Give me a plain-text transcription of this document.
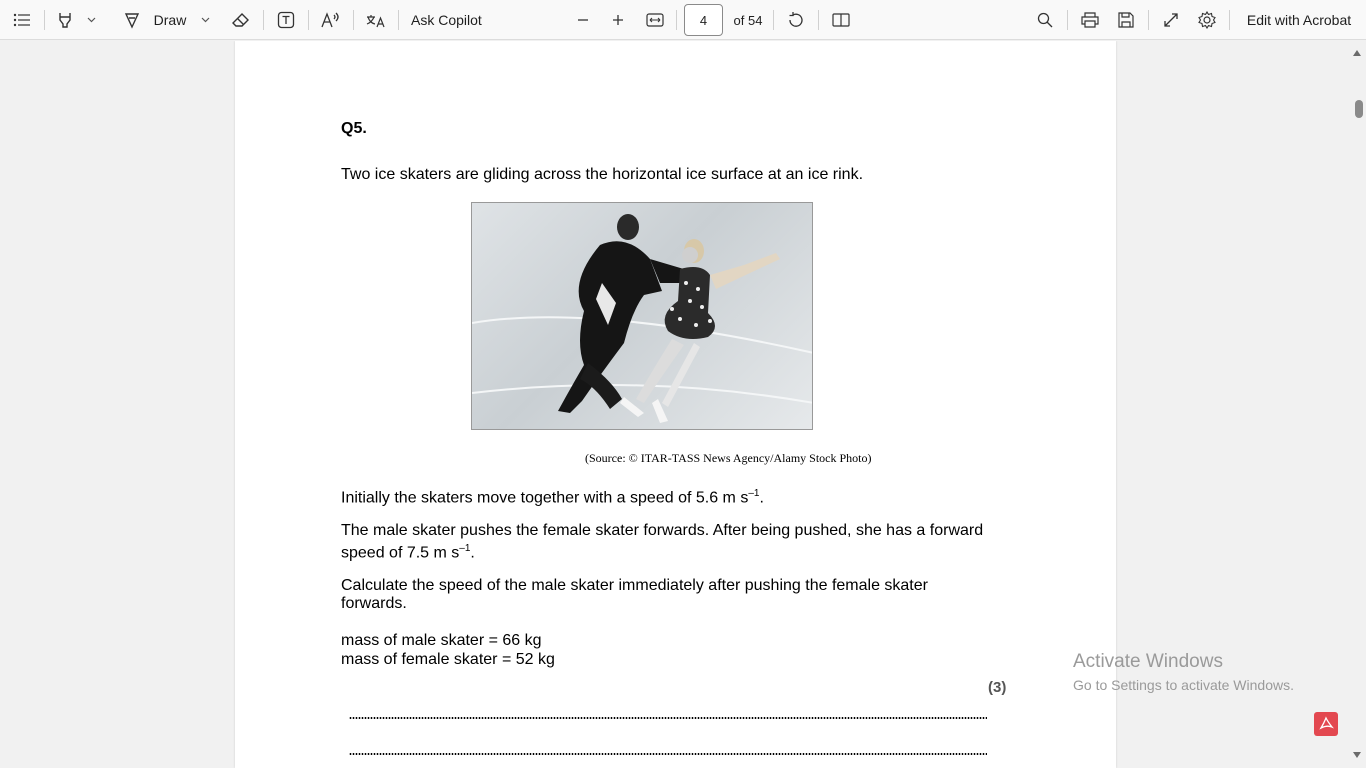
Draw	Ask Copilot	4 of 54	Edit with Acrobat
Q5.
Two ice skaters are gliding across the horizontal ice surface at an ice rink.
(Source: © ITAR-TASS News Agency/Alamy Stock Photo)
Initially the skaters move together with a speed of 5.6 m $s^{-1}$.
The male skater pushes the female skater forwards. After being pushed, she has a forward
speed of 7.5 m $s^{-1}$.
Calculate the speed of the male skater immediately after pushing the female skater
forwards.
mass of male skater = 66 kg
mass of female skater = 52 kg
(3)
Activate Windows
Go to Settings to activate Windows.
